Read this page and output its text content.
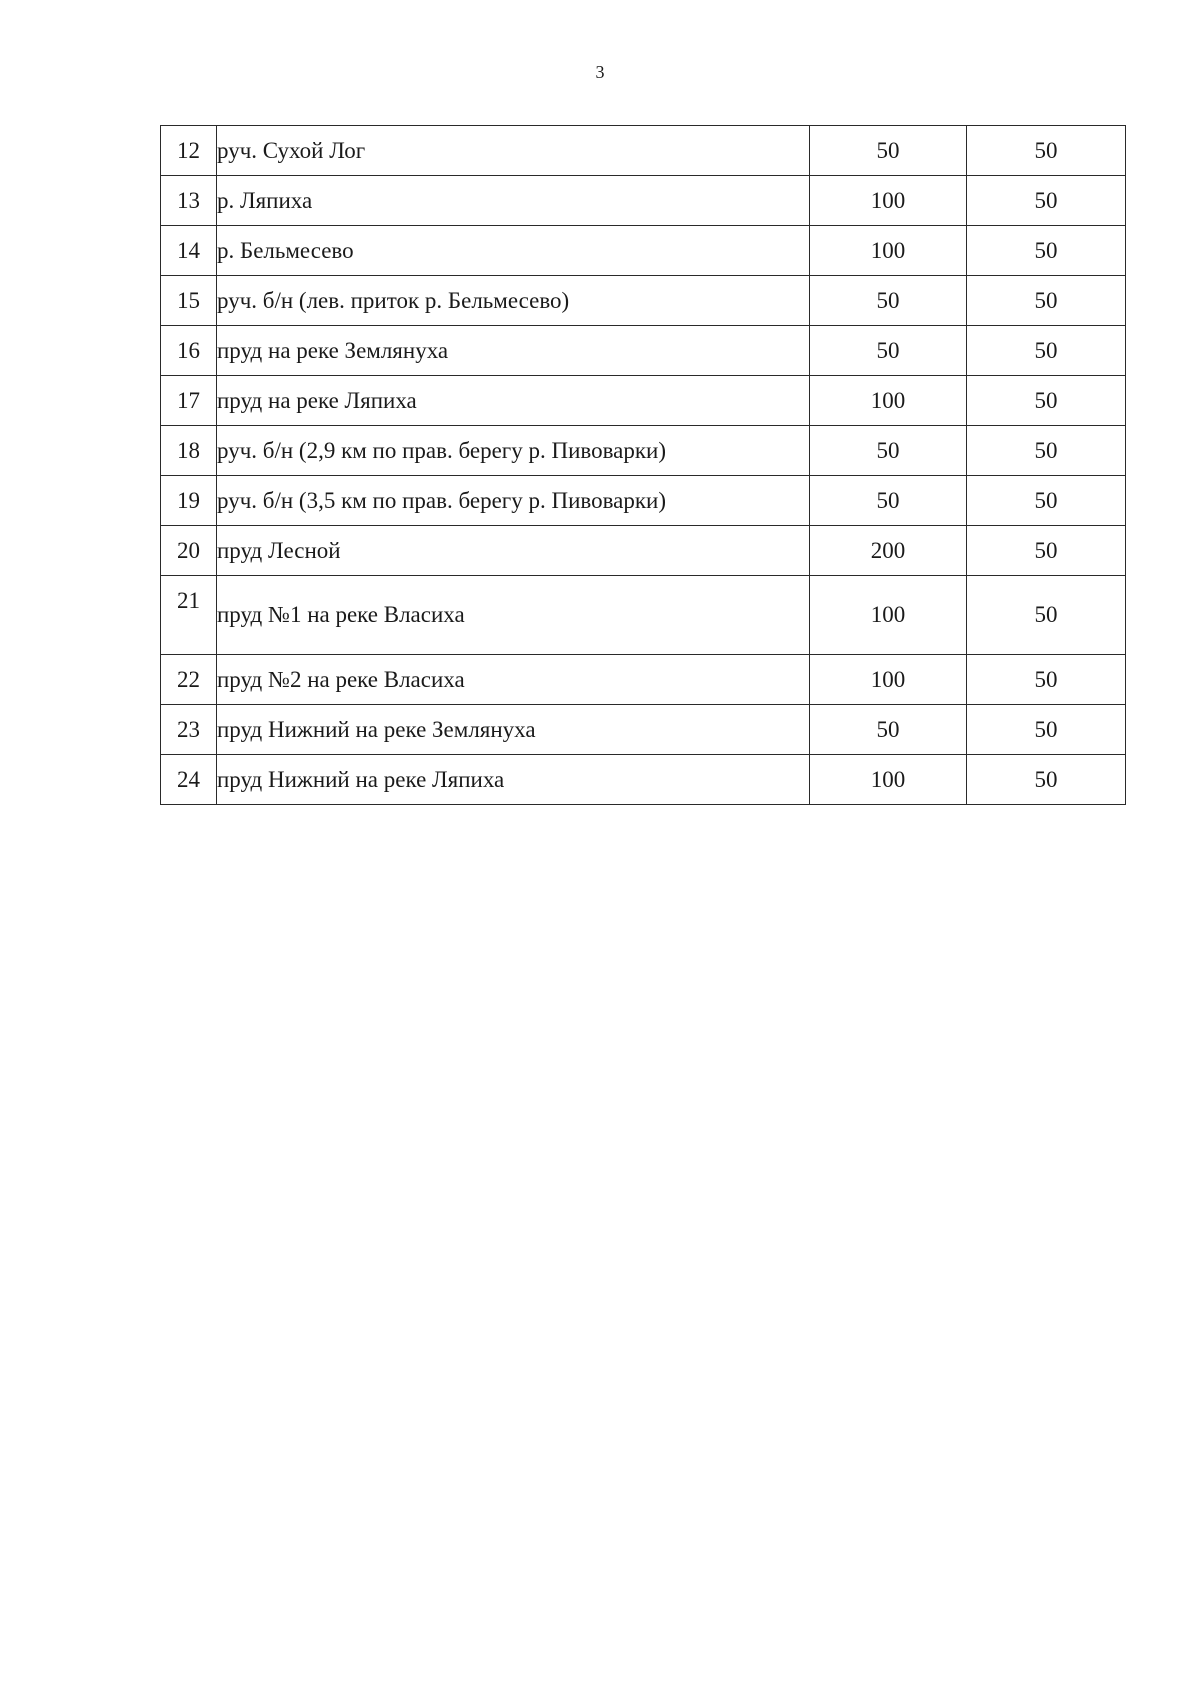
3
12	руч. Сухой Лог	50	50
13	р. Ляпиха	100	50
14	р. Бельмесево	100	50
15	руч. б/н (лев. приток р. Бельмесево)	50	50
16	пруд на реке Землянуха	50	50
17	пруд на реке Ляпиха	100	50
18	руч. б/н (2,9 км по прав. берегу р. Пивоварки)	50	50
19	руч. б/н (3,5 км по прав. берегу р. Пивоварки)	50	50
20	пруд Лесной	200	50
21	пруд №1 на реке Власиха	100	50
22	пруд №2 на реке Власиха	100	50
23	пруд Нижний на реке Землянуха	50	50
24	пруд Нижний на реке Ляпиха	100	50
